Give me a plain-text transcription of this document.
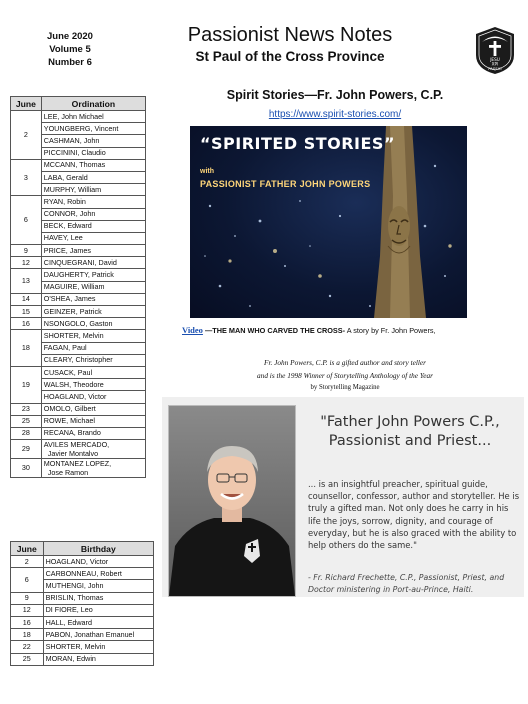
June 2020
Volume 5
Number 6
Passionist News Notes
St Paul of the Cross Province	JESU
XPI
PASSIO
June	Ordination
2	LEE, John Michael
	YOUNGBERG, Vincent
	CASHMAN, John
	PICCININI, Claudio
3	MCCANN, Thomas
	LABA, Gerald
	MURPHY, William
6	RYAN, Robin
	CONNOR, John
	BECK, Edward
	HAVEY, Lee
9	PRICE, James
12	CINQUEGRANI, David
13	DAUGHERTY, Patrick
	MAGUIRE, William
14	O'SHEA, James
15	GEINZER, Patrick
16	NSONGOLO, Gaston
18	SHORTER, Melvin
	FAGAN, Paul
	CLEARY, Christopher
19	CUSACK, Paul
	WALSH, Theodore
	HOAGLAND, Victor
23	OMOLO, Gilbert
25	ROWE, Michael
28	RECANA, Brando
29	AVILES MERCADO,
Javier Montalvo
30	MONTANEZ LOPEZ,
Jose Ramon
June	Birthday
2	HOAGLAND, Victor
6	CARBONNEAU, Robert
	MUTHENGI, John
9	BRISLIN, Thomas
12	DI FIORE, Leo
16	HALL, Edward
18	PABON, Jonathan Emanuel
22	SHORTER, Melvin
25	MORAN, Edwin
Spirit Stories—Fr. John Powers, C.P.
https://www.spirit-stories.com/
“SPIRITED STORIES”
with
PASSIONIST FATHER JOHN POWERS
Video —THE MAN WHO CARVED THE CROSS- A story by Fr. John Powers,
Fr. John Powers, C.P. is a gifted author and story teller
and is the 1998 Winner of Storytelling Anthology of the Year
by Storytelling Magazine
"Father John Powers C.P.,
Passionist and Priest...
... is an insightful preacher, spiritual guide, counsellor, confessor, author and storyteller. He is truly a gifted man. Not only does he carry in his life the joys, sorrow, dignity, and courage of everyday, but he is also graced with the ability to help others do the same."
- Fr. Richard Frechette, C.P., Passionist, Priest, and Doctor ministering in Port-au-Prince, Haiti.
